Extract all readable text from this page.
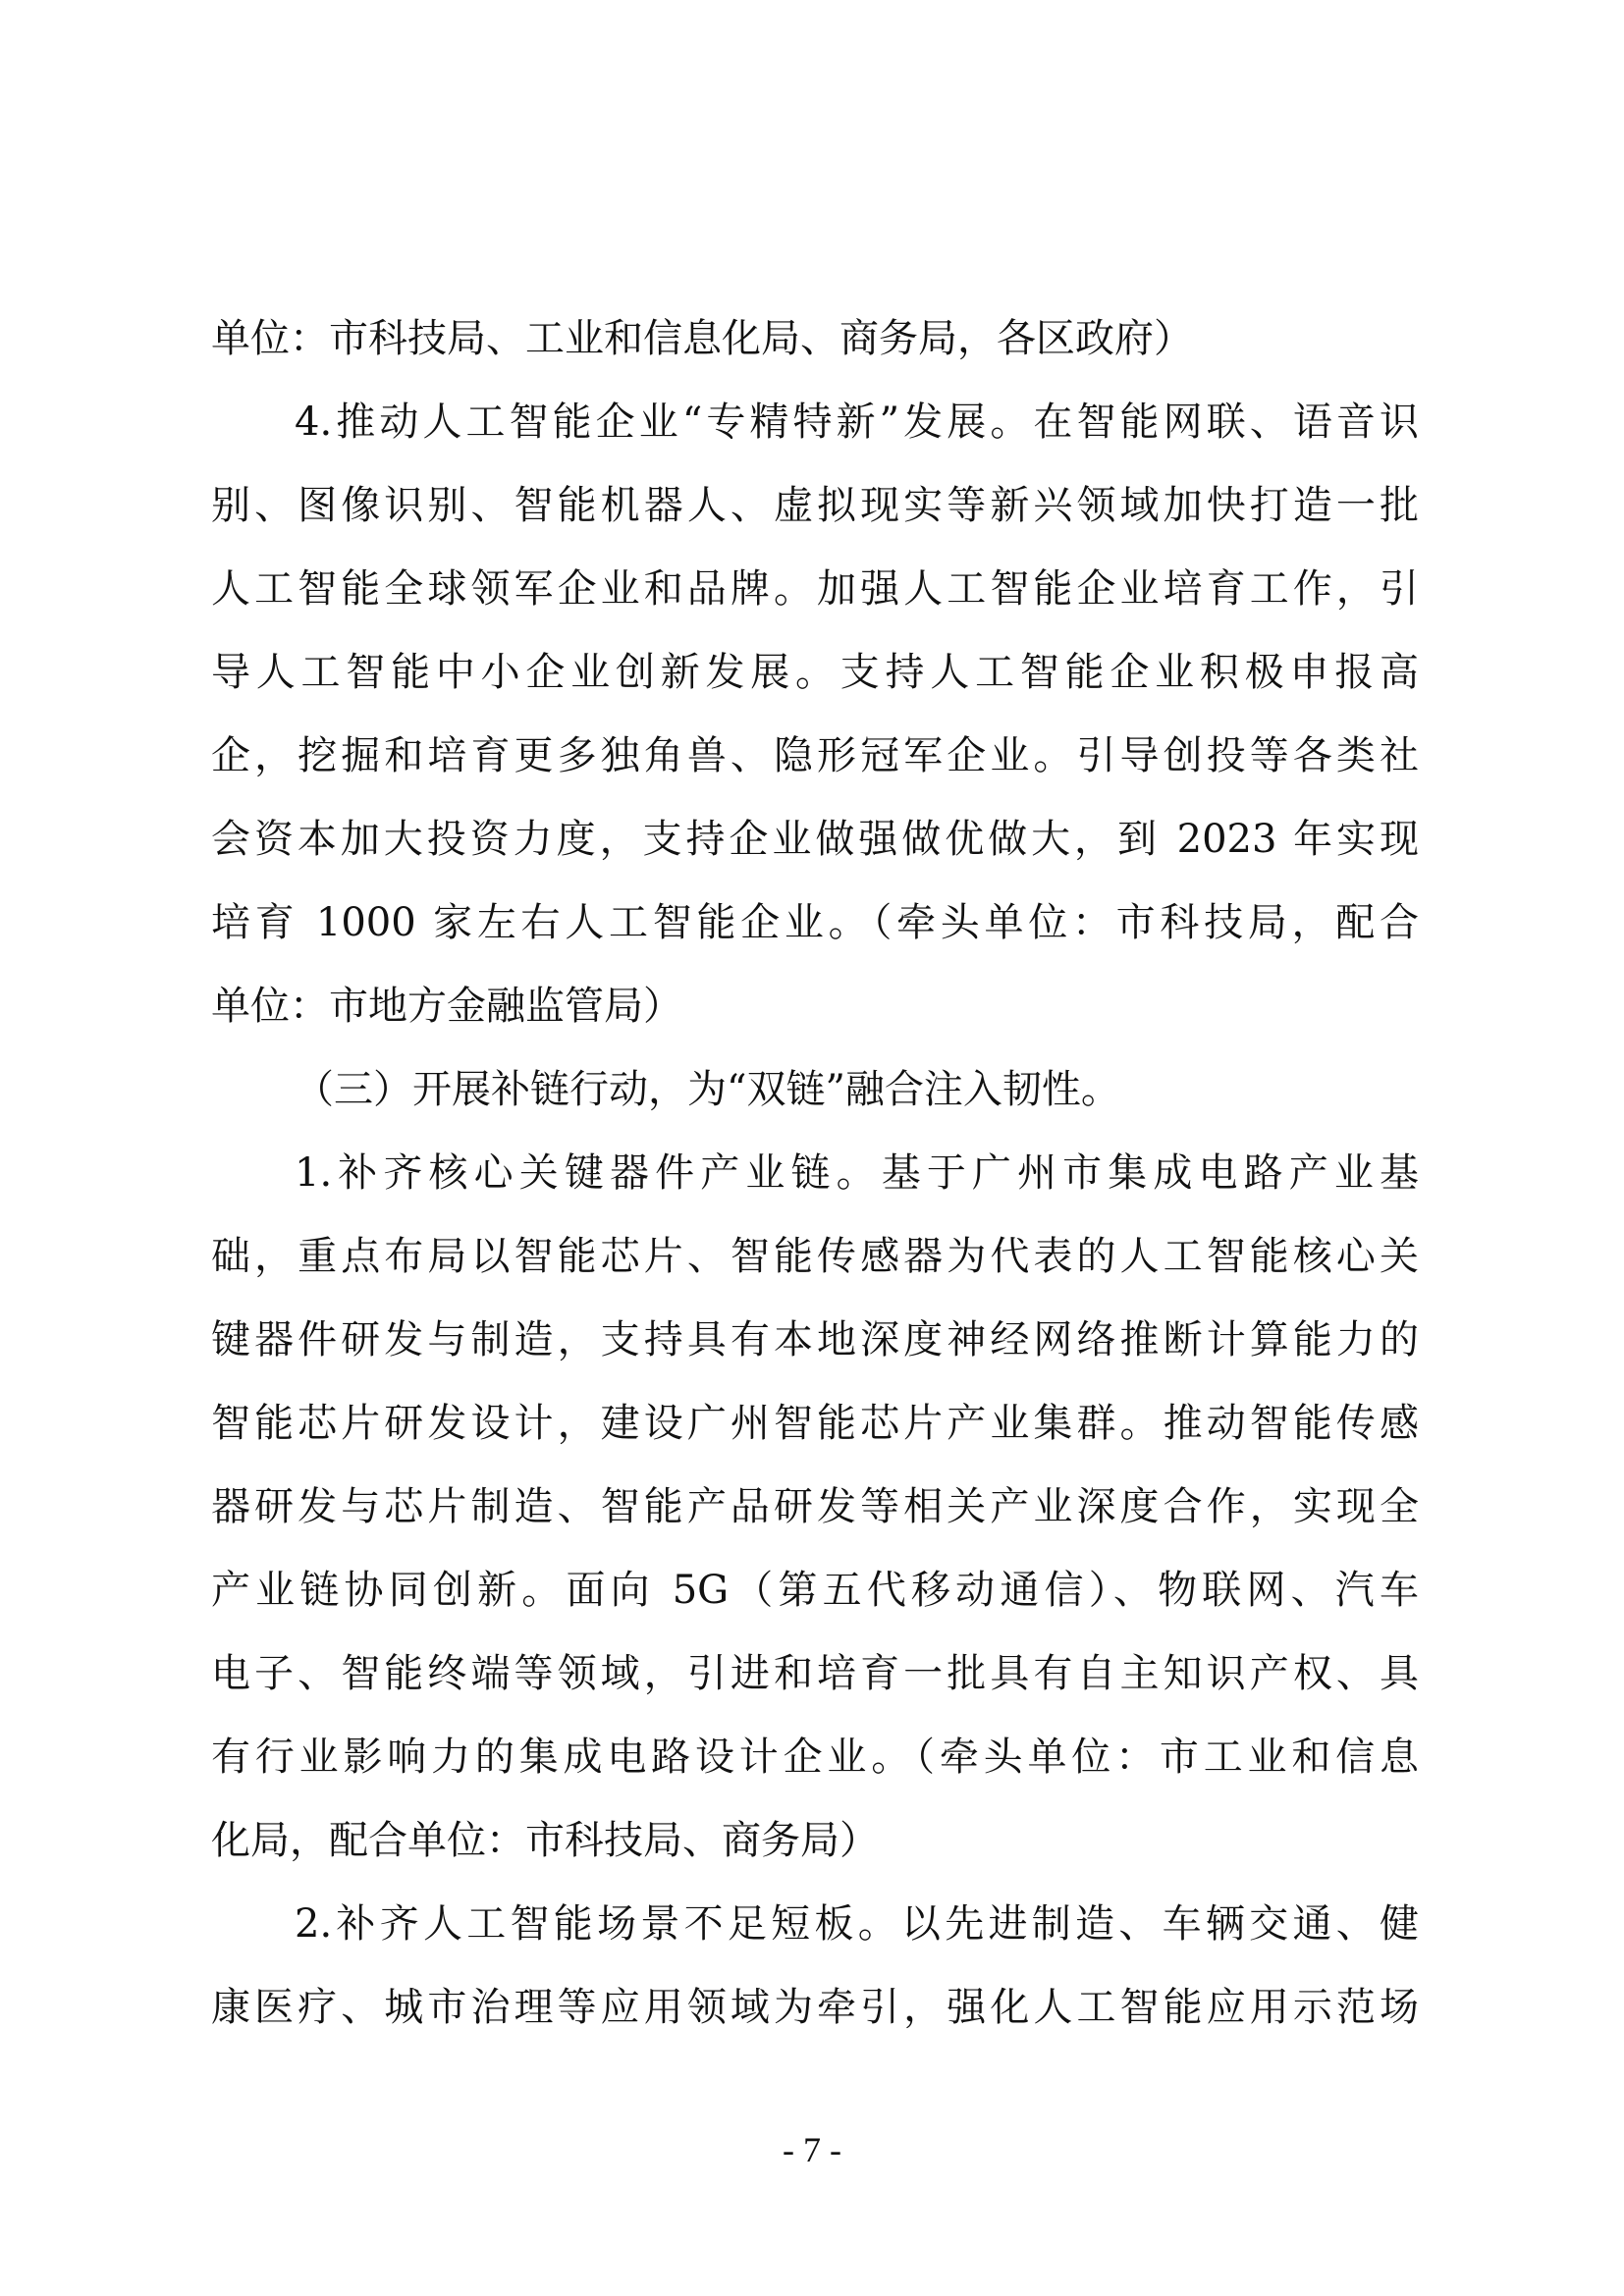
单位：市科技局、工业和信息化局、商务局，各区政府）
4.推动人工智能企业“专精特新”发展。在智能网联、语音识
别、图像识别、智能机器人、虚拟现实等新兴领域加快打造一批
人工智能全球领军企业和品牌。加强人工智能企业培育工作，引
导人工智能中小企业创新发展。支持人工智能企业积极申报高
企，挖掘和培育更多独角兽、隐形冠军企业。引导创投等各类社
会资本加大投资力度，支持企业做强做优做大，到 2023 年实现
培育 1000 家左右人工智能企业。（牵头单位：市科技局，配合
单位：市地方金融监管局）
（三）开展补链行动，为“双链”融合注入韧性。
1.补齐核心关键器件产业链。基于广州市集成电路产业基
础，重点布局以智能芯片、智能传感器为代表的人工智能核心关
键器件研发与制造，支持具有本地深度神经网络推断计算能力的
智能芯片研发设计，建设广州智能芯片产业集群。推动智能传感
器研发与芯片制造、智能产品研发等相关产业深度合作，实现全
产业链协同创新。面向 5G（第五代移动通信）、物联网、汽车
电子、智能终端等领域，引进和培育一批具有自主知识产权、具
有行业影响力的集成电路设计企业。（牵头单位：市工业和信息
化局，配合单位：市科技局、商务局）
2.补齐人工智能场景不足短板。以先进制造、车辆交通、健
康医疗、城市治理等应用领域为牵引，强化人工智能应用示范场
- 7 -
